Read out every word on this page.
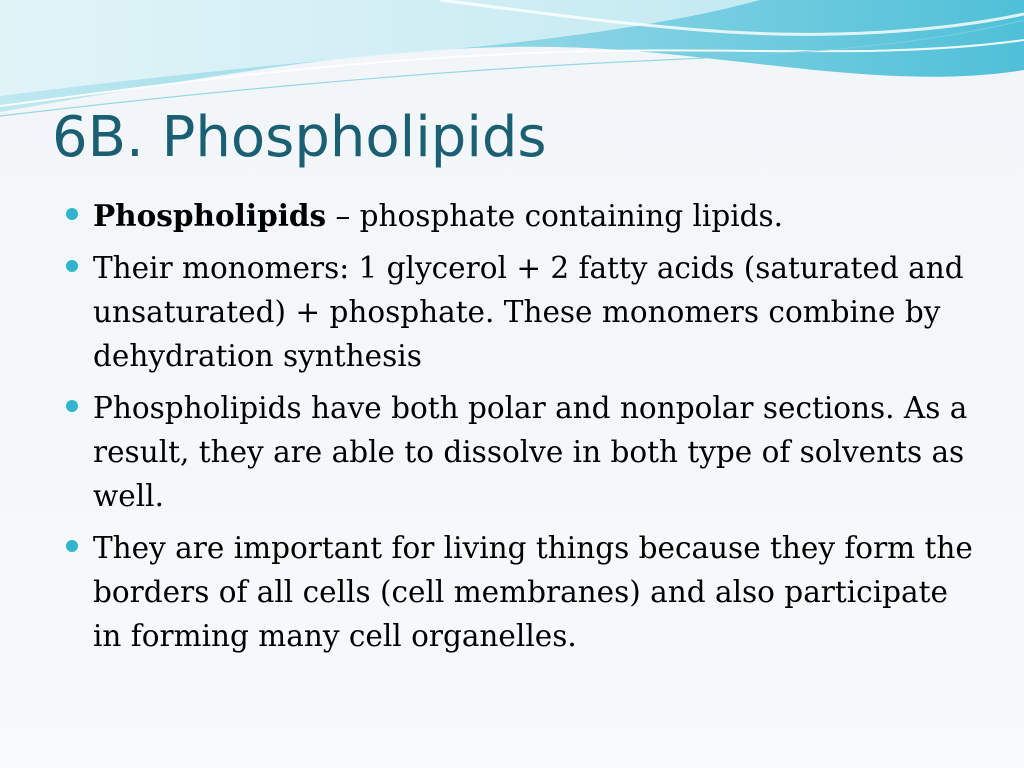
6B. Phospholipids
Phospholipids – phosphate containing lipids.
Their monomers: 1 glycerol + 2 fatty acids (saturated and unsaturated) + phosphate. These monomers combine by dehydration synthesis
Phospholipids have both polar and nonpolar sections. As a result, they are able to dissolve in both type of solvents as well.
They are important for living things because they form the borders of all cells (cell membranes) and also participate in forming many cell organelles.
